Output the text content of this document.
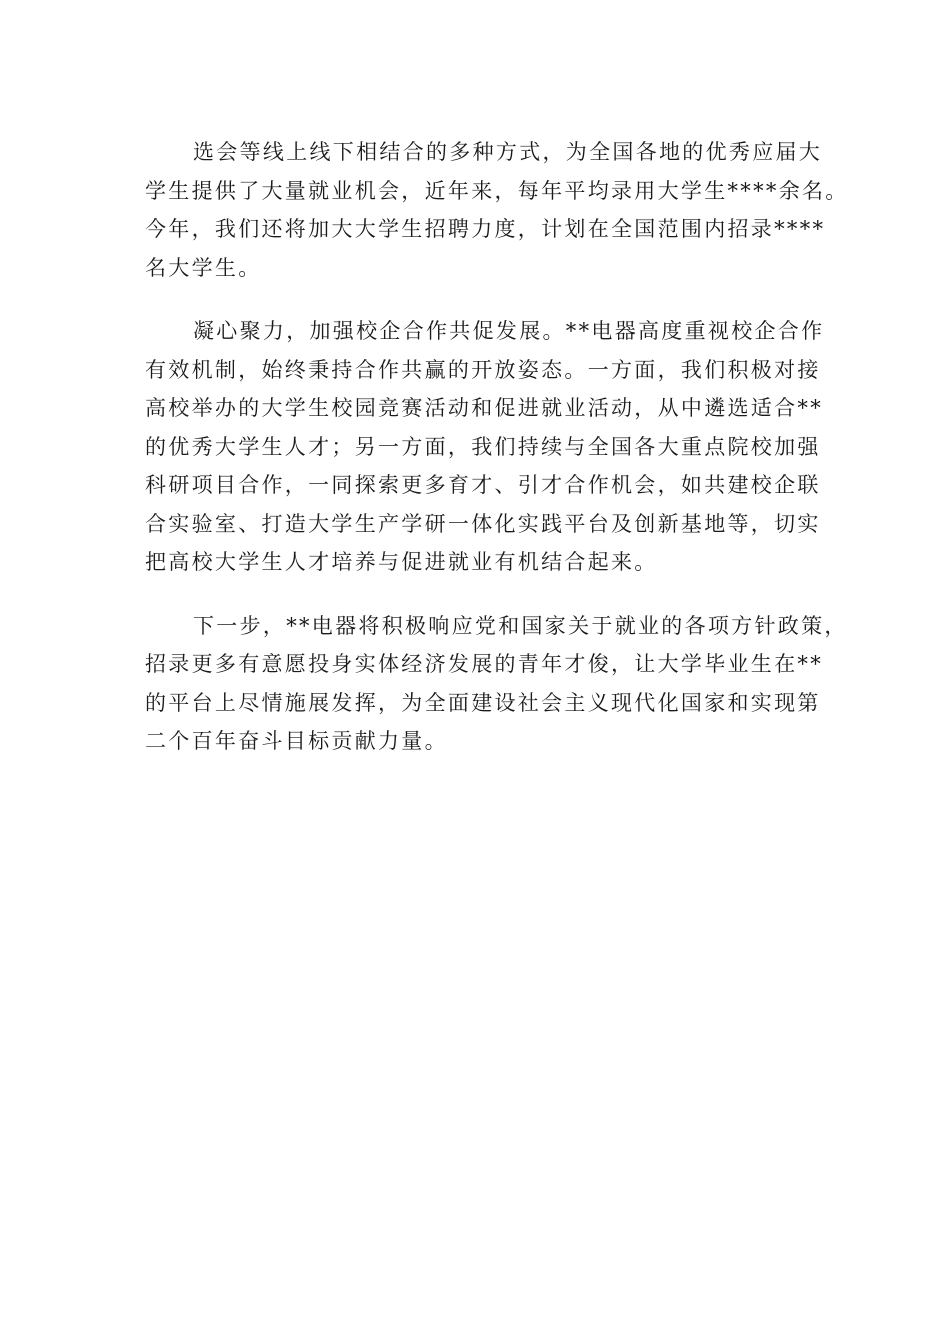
选会等线上线下相结合的多种方式，为全国各地的优秀应届大
学生提供了大量就业机会，近年来，每年平均录用大学生****余名。
今年，我们还将加大大学生招聘力度，计划在全国范围内招录****
名大学生。

凝心聚力，加强校企合作共促发展。**电器高度重视校企合作
有效机制，始终秉持合作共赢的开放姿态。一方面，我们积极对接
高校举办的大学生校园竞赛活动和促进就业活动，从中遴选适合**
的优秀大学生人才；另一方面，我们持续与全国各大重点院校加强
科研项目合作，一同探索更多育才、引才合作机会，如共建校企联
合实验室、打造大学生产学研一体化实践平台及创新基地等，切实
把高校大学生人才培养与促进就业有机结合起来。

下一步，**电器将积极响应党和国家关于就业的各项方针政策，
招录更多有意愿投身实体经济发展的青年才俊，让大学毕业生在**
的平台上尽情施展发挥，为全面建设社会主义现代化国家和实现第
二个百年奋斗目标贡献力量。
